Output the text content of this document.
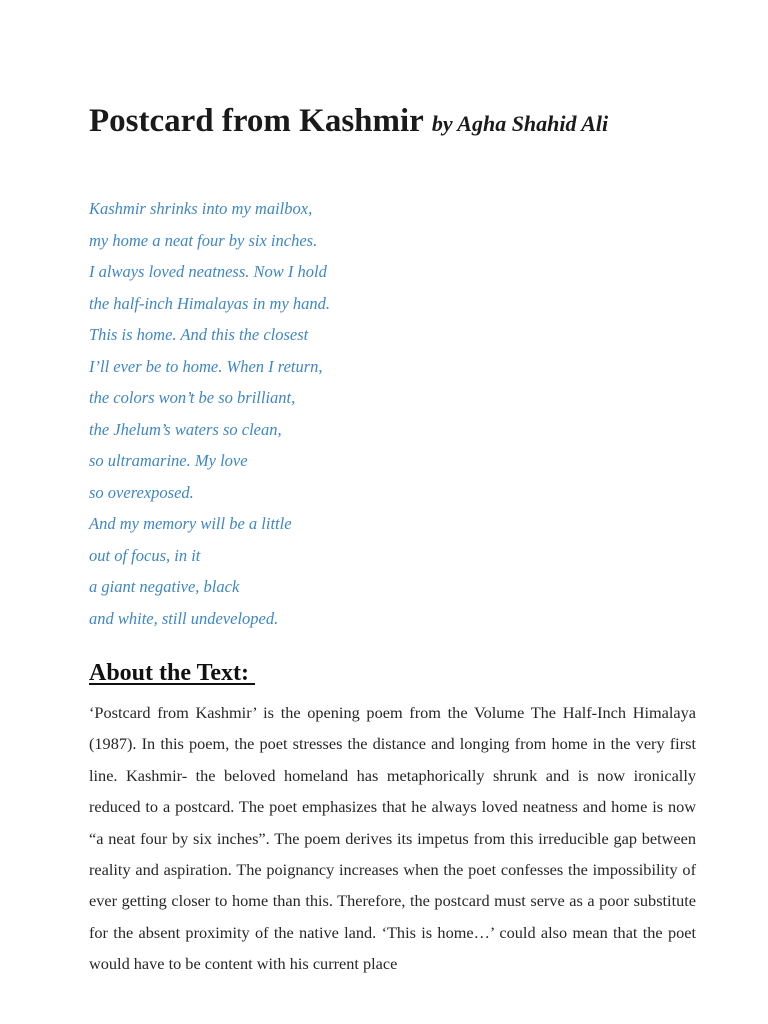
Postcard from Kashmir by Agha Shahid Ali
Kashmir shrinks into my mailbox,
my home a neat four by six inches.
I always loved neatness. Now I hold
the half-inch Himalayas in my hand.
This is home. And this the closest
I’ll ever be to home. When I return,
the colors won’t be so brilliant,
the Jhelum’s waters so clean,
so ultramarine. My love
so overexposed.
And my memory will be a little
out of focus, in it
a giant negative, black
and white, still undeveloped.
About the Text:

‘Postcard from Kashmir’ is the opening poem from the Volume The Half-Inch Himalaya (1987). In this poem, the poet stresses the distance and longing from home in the very first line. Kashmir- the beloved homeland has metaphorically shrunk and is now ironically reduced to a postcard. The poet emphasizes that he always loved neatness and home is now “a neat four by six inches”. The poem derives its impetus from this irreducible gap between reality and aspiration. The poignancy increases when the poet confesses the impossibility of ever getting closer to home than this. Therefore, the postcard must serve as a poor substitute for the absent proximity of the native land. ‘This is home…’ could also mean that the poet would have to be content with his current place
